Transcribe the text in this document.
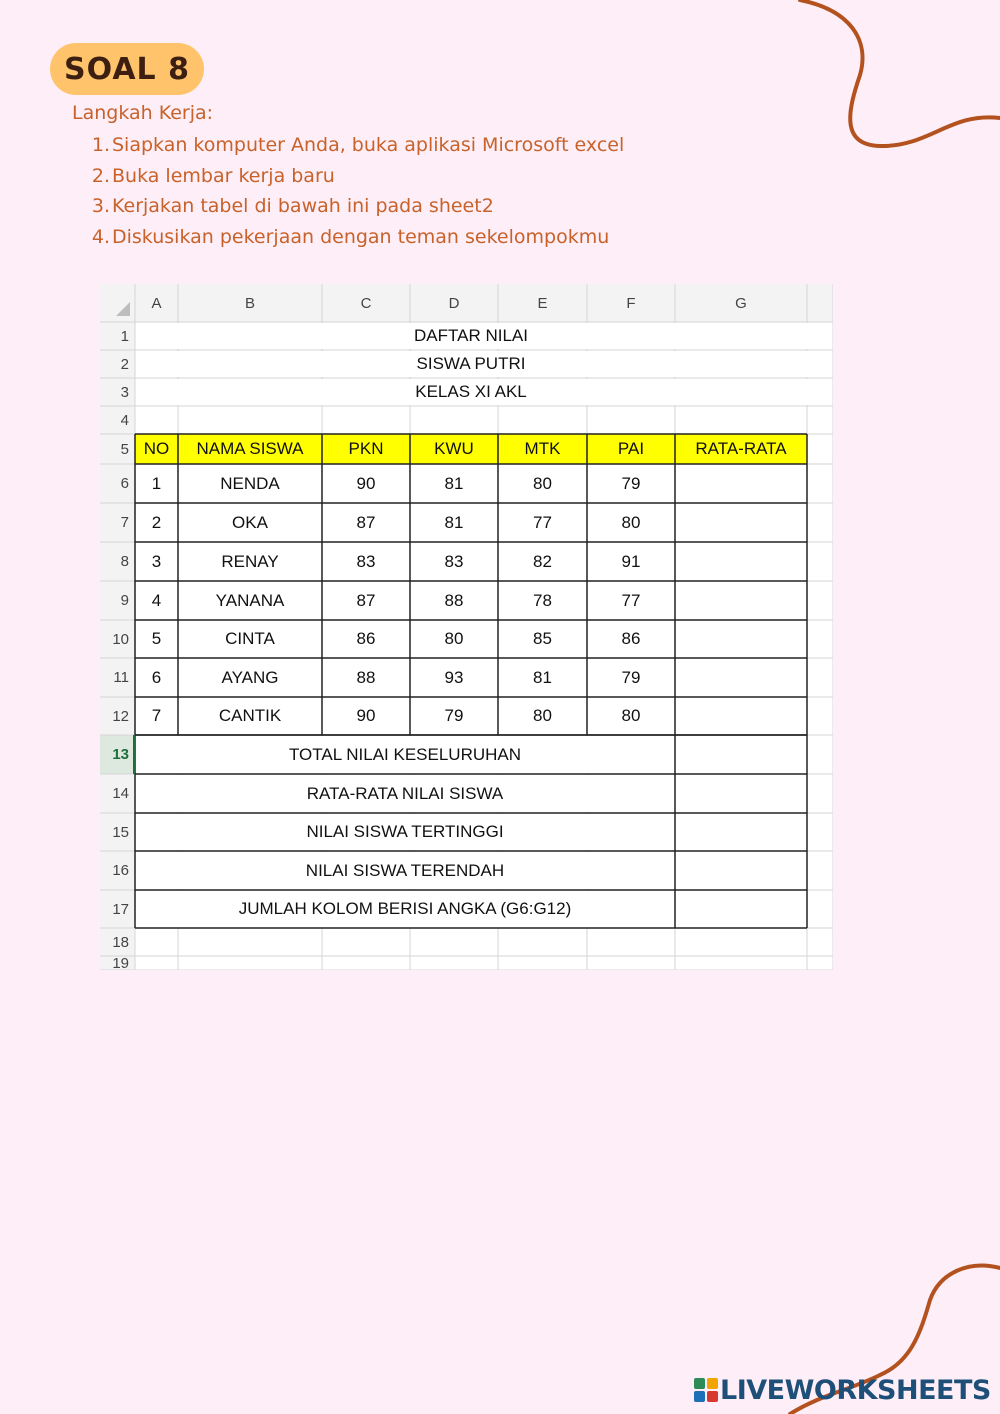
SOAL 8
Langkah Kerja:
1. Siapkan komputer Anda, buka aplikasi Microsoft excel
2. Buka lembar kerja baru
3. Kerjakan tabel di bawah ini pada sheet2
4. Diskusikan pekerjaan dengan teman sekelompokmu
A	B	C	D	E	F	G
1
2
3
4
5
6
7
8
9
10
11
12
13
14
15
16
17
18
19
DAFTAR NILAI
SISWA PUTRI
KELAS XI AKL
NO	NAMA SISWA	PKN	KWU	MTK	PAI	RATA-RATA
1	NENDA	90	81	80	79
2	OKA	87	81	77	80
3	RENAY	83	83	82	91
4	YANANA	87	88	78	77
5	CINTA	86	80	85	86
6	AYANG	88	93	81	79
7	CANTIK	90	79	80	80
TOTAL NILAI KESELURUHAN
RATA-RATA NILAI SISWA
NILAI SISWA TERTINGGI
NILAI SISWA TERENDAH
JUMLAH KOLOM BERISI ANGKA (G6:G12)
LIVEWORKSHEETS
